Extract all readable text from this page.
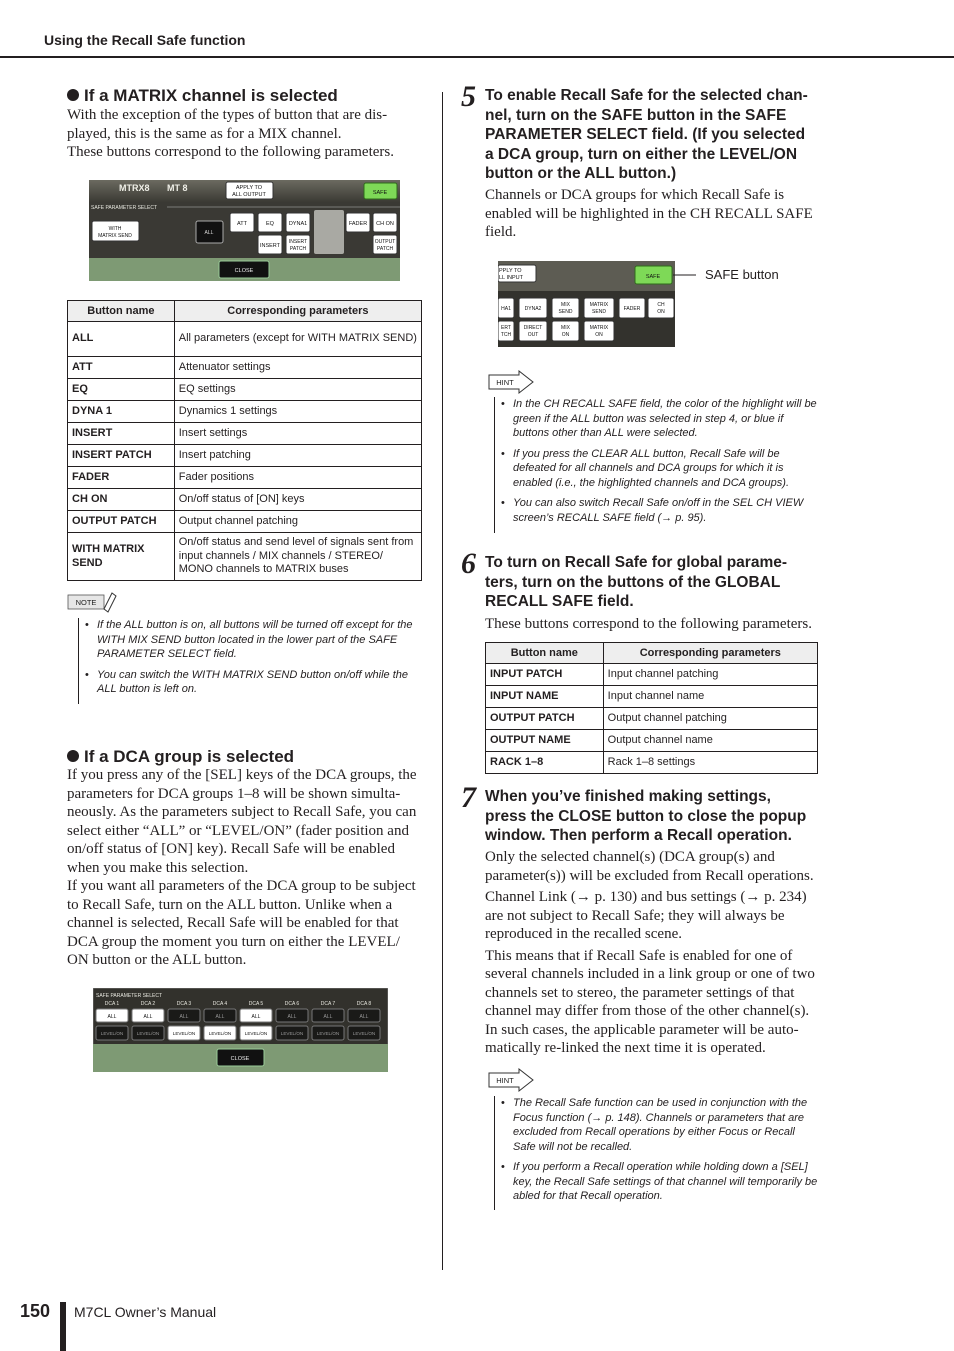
Using the Recall Safe function
If a MATRIX channel is selected
With the exception of the types of button that are dis-
played, this is the same as for a MIX channel.
These buttons correspond to the following parameters.
MTRX8 MT 8	APPLY TO
ALL OUTPUT	SAFE
SAFE PARAMETER SELECT
WITH
MATRIX SEND	ALL
ATT	EQ	DYNA1	FADER CH ON
INSERT
INSERT
PATCH
OUTPUT
PATCH
CLOSE
Button name	Corresponding parameters
ALL	All parameters (except for WITH MATRIX SEND)
ATT	Attenuator settings
EQ	EQ settings
DYNA 1	Dynamics 1 settings
INSERT	Insert settings
INSERT PATCH	Insert patching
FADER	Fader positions
CH ON	On/off status of [ON] keys
OUTPUT PATCH	Output channel patching
WITH MATRIX SEND	On/off status and send level of signals sent from input channels / MIX channels / STEREO/ MONO channels to MATRIX buses
NOTE
• If the ALL button is on, all buttons will be turned off except for the WITH MIX SEND button located in the lower part of the SAFE PARAMETER SELECT field.
• You can switch the WITH MATRIX SEND button on/off while the ALL button is left on.
If a DCA group is selected
If you press any of the [SEL] keys of the DCA groups, the
parameters for DCA groups 1–8 will be shown simulta-
neously. As the parameters subject to Recall Safe, you can
select either “ALL” or “LEVEL/ON” (fader position and
on/off status of [ON] key). Recall Safe will be enabled
when you make this selection.
If you want all parameters of the DCA group to be subject
to Recall Safe, turn on the ALL button. Unlike when a
channel is selected, Recall Safe will be enabled for that
DCA group the moment you turn on either the LEVEL/
ON button or the ALL button.
SAFE PARAMETER SELECT
DCA 1
ALL
LEVEL/ON
DCA 2
ALL
LEVEL/ON
DCA 3
ALL
LEVEL/ON
DCA 4
ALL
LEVEL/ON
DCA 5
ALL
LEVEL/ON
DCA 6
ALL
LEVEL/ON
DCA 7
ALL
LEVEL/ON
DCA 8
ALL
LEVEL/ON
CLOSE
5 To enable Recall Safe for the selected chan-
nel, turn on the SAFE button in the SAFE
PARAMETER SELECT field. (If you selected
a DCA group, turn on either the LEVEL/ON
button or the ALL button.)
Channels or DCA groups for which Recall Safe is
enabled will be highlighted in the CH RECALL SAFE
field.
PPLY TO
LL INPUT	SAFE	SAFE button
HA1	DYNA2
MIX
SEND
MATRIX
SEND	FADER
CH
ON
ERT
TCH
DIRECT
OUT
MIX
ON
MATRIX
ON
HINT
• In the CH RECALL SAFE field, the color of the highlight will be green if the ALL button was selected in step 4, or blue if buttons other than ALL were selected.
• If you press the CLEAR ALL button, Recall Safe will be defeated for all channels and DCA groups for which it is enabled (i.e., the highlighted channels and DCA groups).
• You can also switch Recall Safe on/off in the SEL CH VIEW screen’s RECALL SAFE field (→ p. 95).
6 To turn on Recall Safe for global parame-
ters, turn on the buttons of the GLOBAL
RECALL SAFE field.
These buttons correspond to the following parameters.
Button name	Corresponding parameters
INPUT PATCH	Input channel patching
INPUT NAME	Input channel name
OUTPUT PATCH	Output channel patching
OUTPUT NAME	Output channel name
RACK 1–8	Rack 1–8 settings
7 When you’ve finished making settings,
press the CLOSE button to close the popup
window. Then perform a Recall operation.
Only the selected channel(s) (DCA group(s) and
parameter(s)) will be excluded from Recall operations.
Channel Link (→ p. 130) and bus settings (→ p. 234)
are not subject to Recall Safe; they will always be
reproduced in the recalled scene.
This means that if Recall Safe is enabled for one of
several channels included in a link group or one of two
channels set to stereo, the parameter settings of that
channel may differ from those of the other channel(s).
In such cases, the applicable parameter will be auto-
matically re-linked the next time it is operated.
HINT
• The Recall Safe function can be used in conjunction with the Focus function (→ p. 148). Channels or parameters that are excluded from Recall operations by either Focus or Recall Safe will not be recalled.
• If you perform a Recall operation while holding down a [SEL] key, the Recall Safe settings of that channel will temporarily be abled for that Recall operation.
150 M7CL Owner’s Manual
